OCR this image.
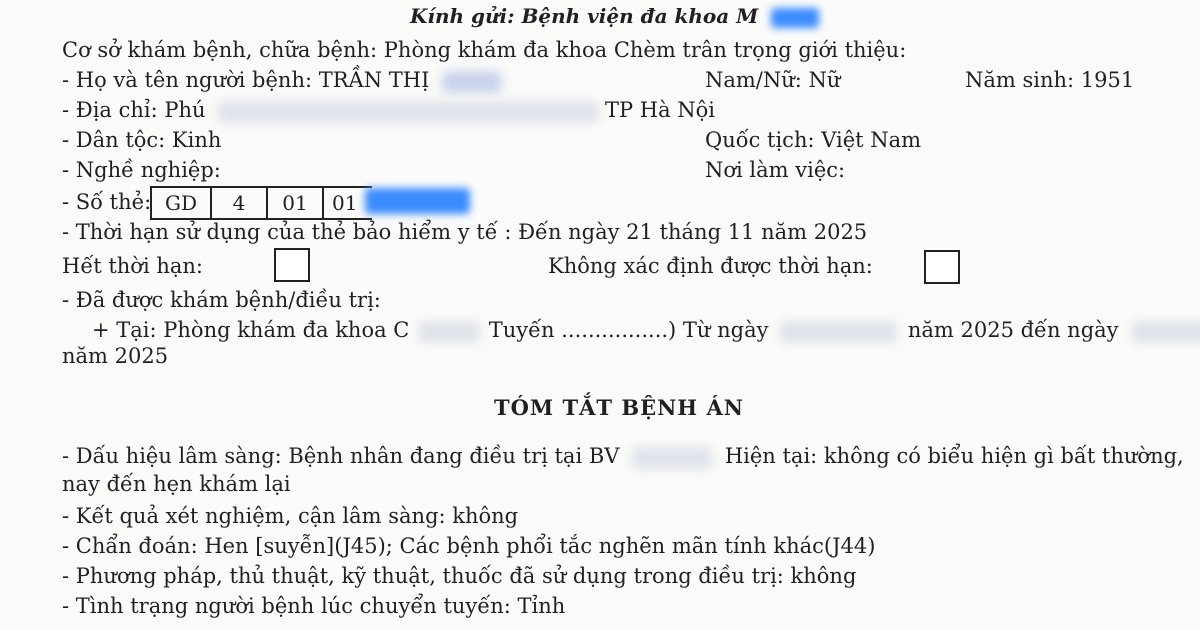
Kính gửi: Bệnh viện đa khoa M
Cơ sở khám bệnh, chữa bệnh: Phòng khám đa khoa Chèm trân trọng giới thiệu:
- Họ và tên người bệnh: TRẦN THỊ	Nam/Nữ: Nữ	Năm sinh: 1951
- Địa chỉ: Phú	TP Hà Nội
- Dân tộc: Kinh	Quốc tịch: Việt Nam
- Nghề nghiệp:	Nơi làm việc:
- Số thẻ: GD	4	01	01
- Thời hạn sử dụng của thẻ bảo hiểm y tế : Đến ngày 21 tháng 11 năm 2025
Hết thời hạn:	Không xác định được thời hạn:
- Đã được khám bệnh/điều trị:
+ Tại: Phòng khám đa khoa C	Tuyến ................) Từ ngày	năm 2025 đến ngày
năm 2025
TÓM TẮT BỆNH ÁN
- Dấu hiệu lâm sàng: Bệnh nhân đang điều trị tại BV	Hiện tại: không có biểu hiện gì bất thường,
nay đến hẹn khám lại
- Kết quả xét nghiệm, cận lâm sàng: không
- Chẩn đoán: Hen [suyễn](J45); Các bệnh phổi tắc nghẽn mãn tính khác(J44)
- Phương pháp, thủ thuật, kỹ thuật, thuốc đã sử dụng trong điều trị: không
- Tình trạng người bệnh lúc chuyển tuyến: Tỉnh
